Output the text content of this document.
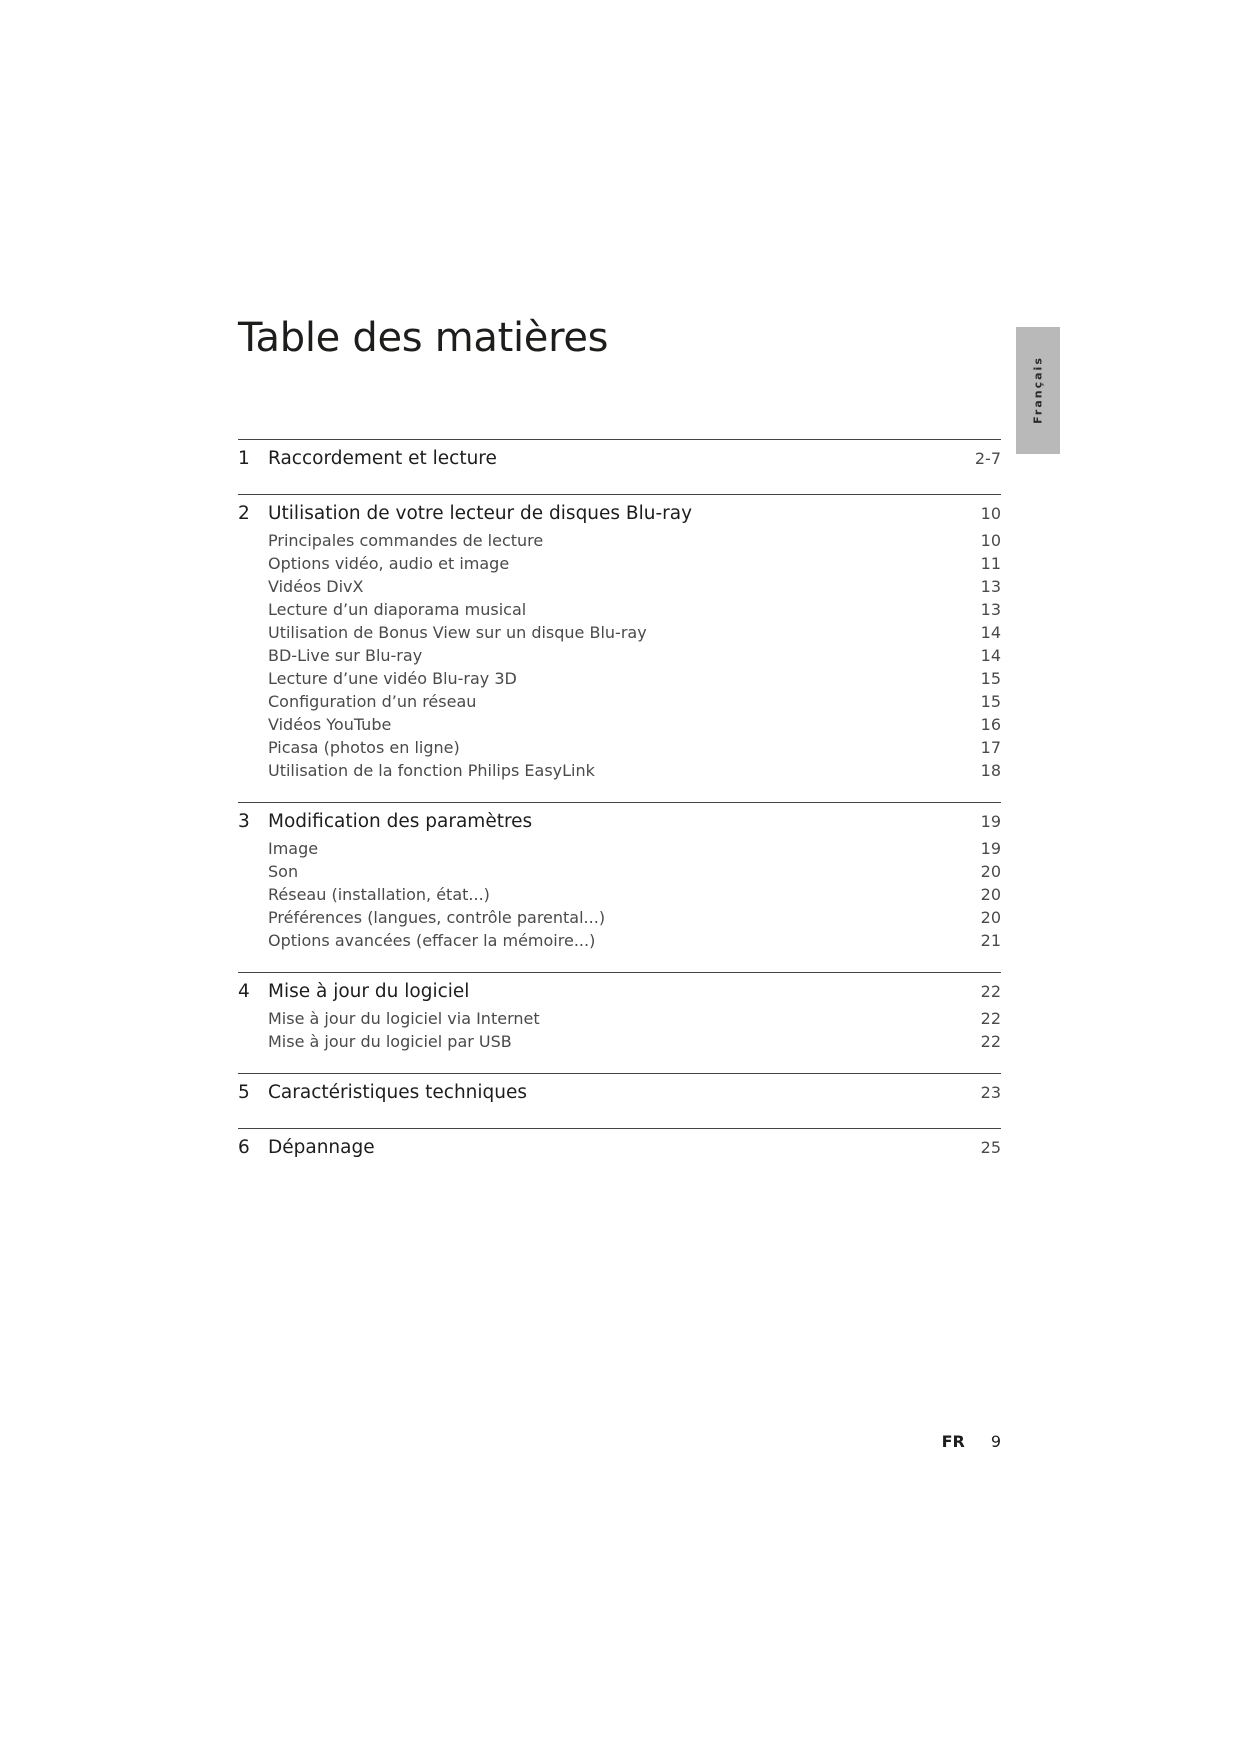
Table des matières
Français
1 Raccordement et lecture	2-7
2 Utilisation de votre lecteur de disques Blu-ray	10
Principales commandes de lecture	10
Options vidéo, audio et image	11
Vidéos DivX	13
Lecture d’un diaporama musical	13
Utilisation de Bonus View sur un disque Blu-ray	14
BD-Live sur Blu-ray	14
Lecture d’une vidéo Blu-ray 3D	15
Configuration d’un réseau	15
Vidéos YouTube	16
Picasa (photos en ligne)	17
Utilisation de la fonction Philips EasyLink	18
3 Modification des paramètres	19
Image	19
Son	20
Réseau (installation, état...)	20
Préférences (langues, contrôle parental...)	20
Options avancées (effacer la mémoire...)	21
4 Mise à jour du logiciel	22
Mise à jour du logiciel via Internet	22
Mise à jour du logiciel par USB	22
5 Caractéristiques techniques	23
6 Dépannage	25
FR 9
